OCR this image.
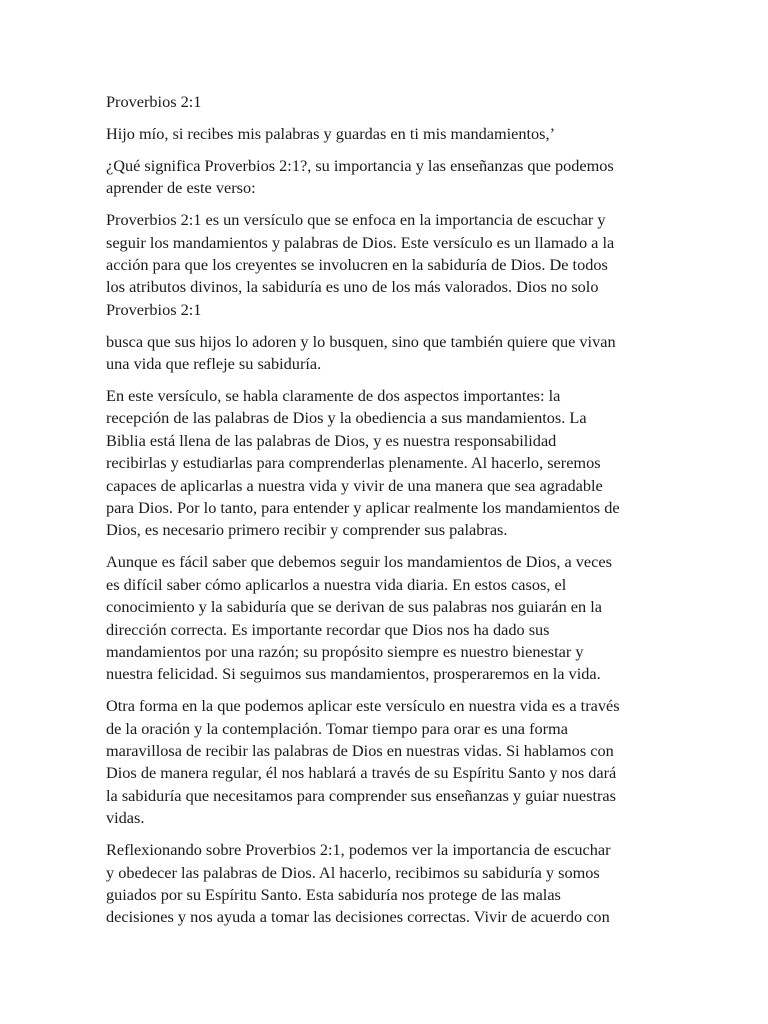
Proverbios 2:1

Hijo mío, si recibes mis palabras y guardas en ti mis mandamientos,’

¿Qué significa Proverbios 2:1?, su importancia y las enseñanzas que podemos
aprender de este verso:

Proverbios 2:1 es un versículo que se enfoca en la importancia de escuchar y
seguir los mandamientos y palabras de Dios. Este versículo es un llamado a la
acción para que los creyentes se involucren en la sabiduría de Dios. De todos
los atributos divinos, la sabiduría es uno de los más valorados. Dios no solo
Proverbios 2:1

busca que sus hijos lo adoren y lo busquen, sino que también quiere que vivan
una vida que refleje su sabiduría.

En este versículo, se habla claramente de dos aspectos importantes: la
recepción de las palabras de Dios y la obediencia a sus mandamientos. La
Biblia está llena de las palabras de Dios, y es nuestra responsabilidad
recibirlas y estudiarlas para comprenderlas plenamente. Al hacerlo, seremos
capaces de aplicarlas a nuestra vida y vivir de una manera que sea agradable
para Dios. Por lo tanto, para entender y aplicar realmente los mandamientos de
Dios, es necesario primero recibir y comprender sus palabras.

Aunque es fácil saber que debemos seguir los mandamientos de Dios, a veces
es difícil saber cómo aplicarlos a nuestra vida diaria. En estos casos, el
conocimiento y la sabiduría que se derivan de sus palabras nos guiarán en la
dirección correcta. Es importante recordar que Dios nos ha dado sus
mandamientos por una razón; su propósito siempre es nuestro bienestar y
nuestra felicidad. Si seguimos sus mandamientos, prosperaremos en la vida.

Otra forma en la que podemos aplicar este versículo en nuestra vida es a través
de la oración y la contemplación. Tomar tiempo para orar es una forma
maravillosa de recibir las palabras de Dios en nuestras vidas. Si hablamos con
Dios de manera regular, él nos hablará a través de su Espíritu Santo y nos dará
la sabiduría que necesitamos para comprender sus enseñanzas y guiar nuestras
vidas.

Reflexionando sobre Proverbios 2:1, podemos ver la importancia de escuchar
y obedecer las palabras de Dios. Al hacerlo, recibimos su sabiduría y somos
guiados por su Espíritu Santo. Esta sabiduría nos protege de las malas
decisiones y nos ayuda a tomar las decisiones correctas. Vivir de acuerdo con
